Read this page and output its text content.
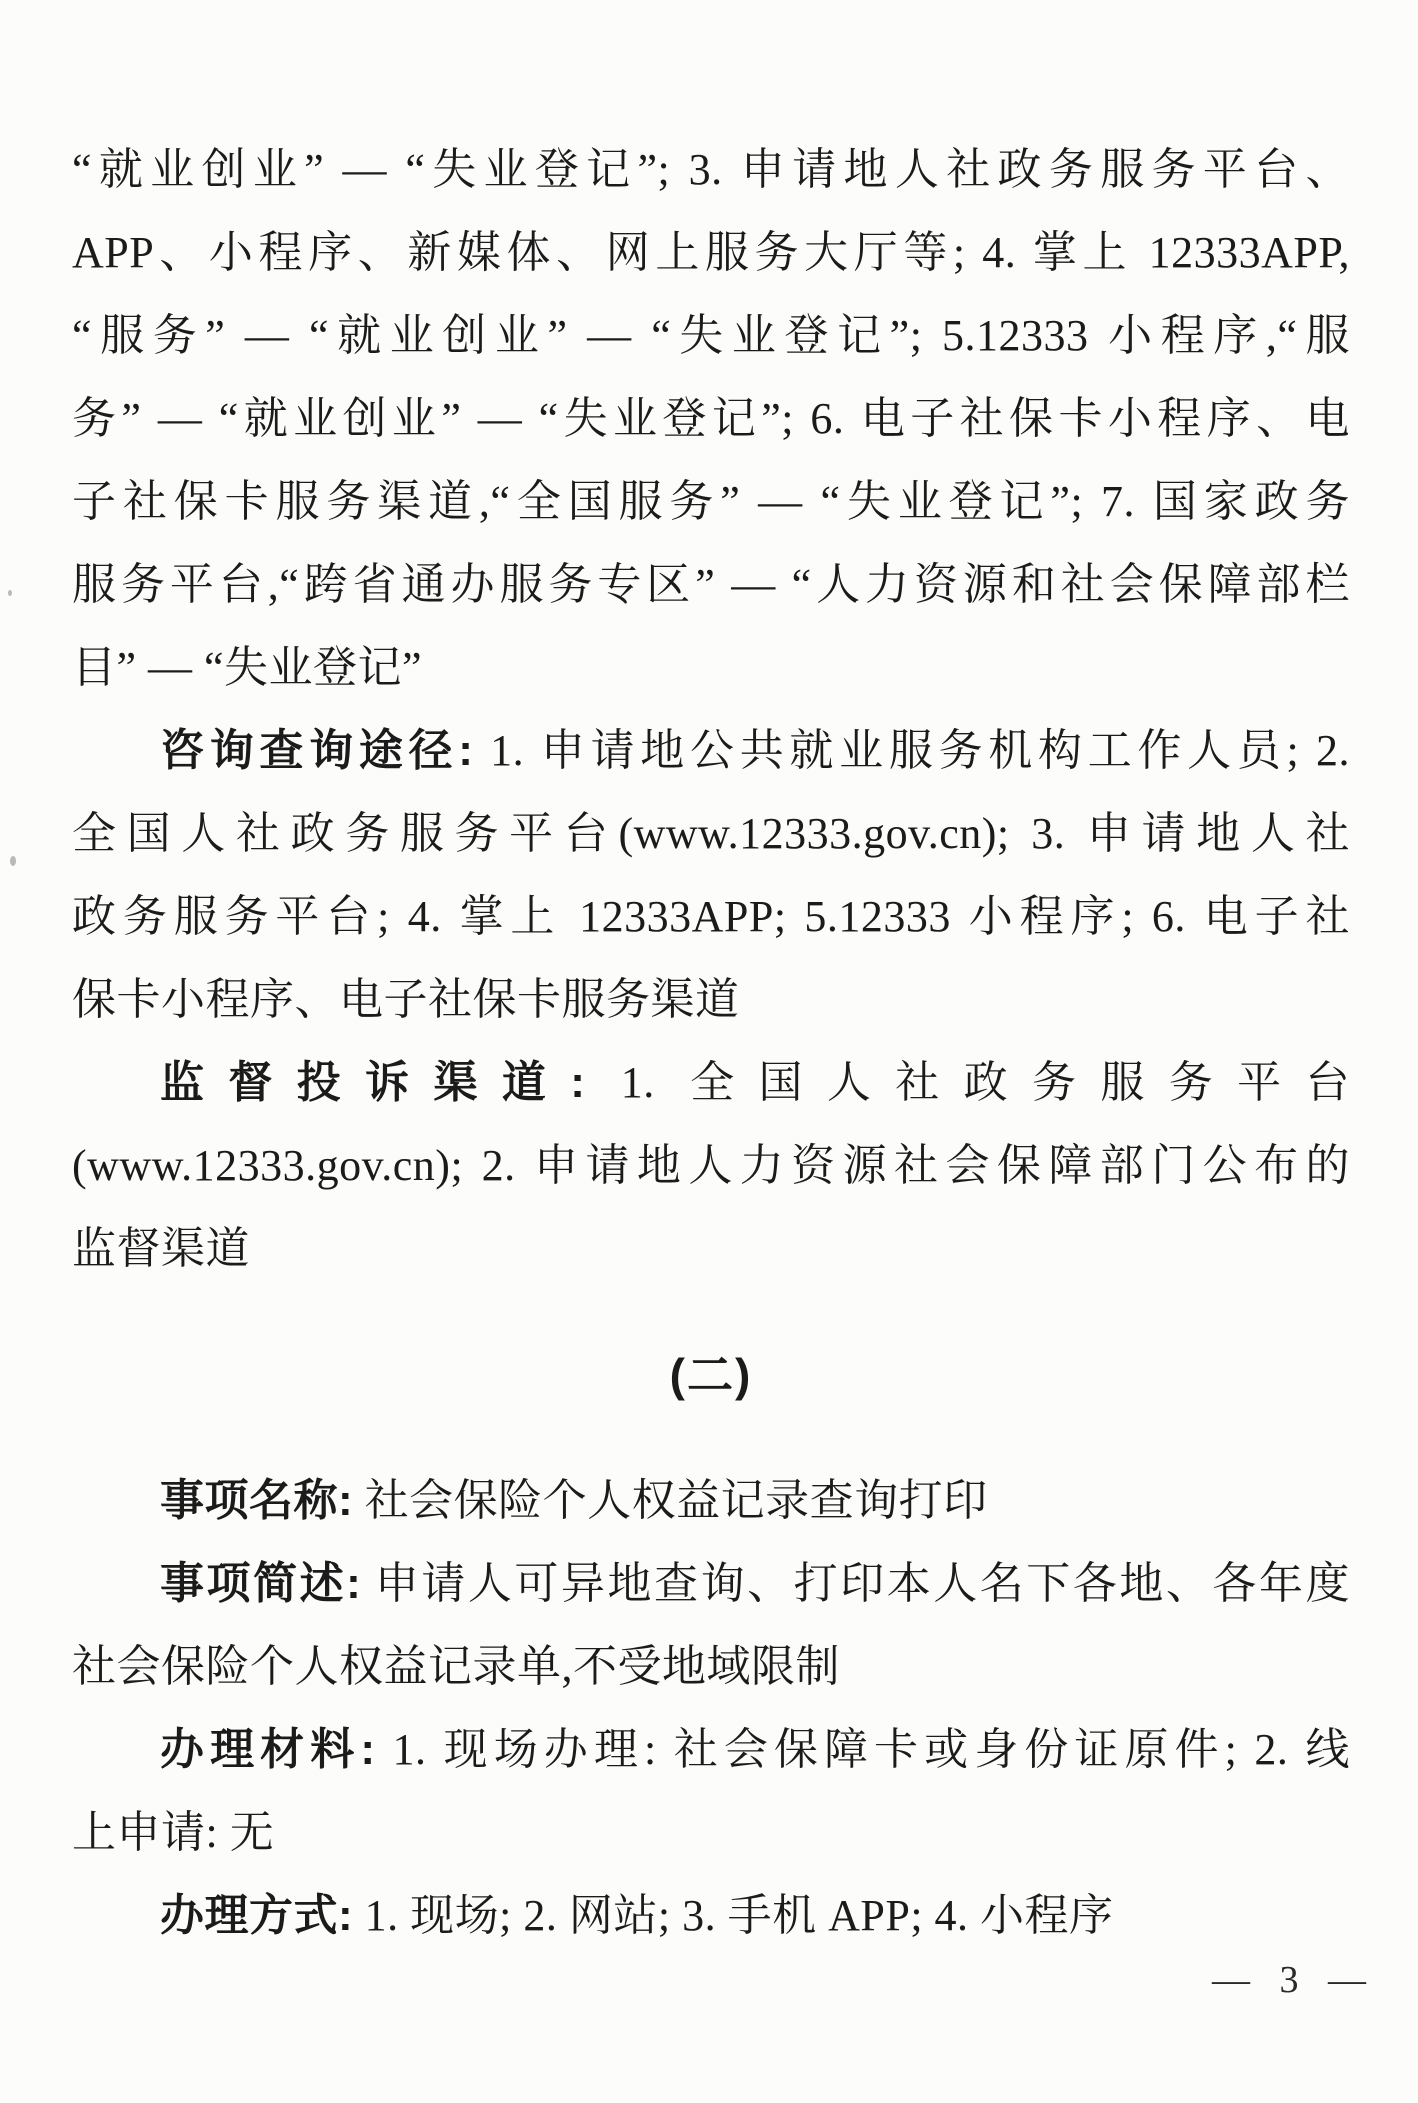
“就业创业” — “失业登记”; 3. 申请地人社政务服务平台、
APP、小程序、新媒体、网上服务大厅等; 4. 掌上 12333APP,
“服务” — “就业创业” — “失业登记”; 5.12333 小程序,“服
务” — “就业创业” — “失业登记”; 6. 电子社保卡小程序、电
子社保卡服务渠道,“全国服务” — “失业登记”; 7. 国家政务
服务平台,“跨省通办服务专区” — “人力资源和社会保障部栏
目” — “失业登记”
咨询查询途径: 1. 申请地公共就业服务机构工作人员; 2.
全国人社政务服务平台(www.12333.gov.cn); 3. 申请地人社
政务服务平台; 4. 掌上 12333APP; 5.12333 小程序; 6. 电子社
保卡小程序、电子社保卡服务渠道
监督投诉渠道: 1. 全国人社政务服务平台
(www.12333.gov.cn); 2. 申请地人力资源社会保障部门公布的
监督渠道
(二)
事项名称: 社会保险个人权益记录查询打印
事项简述: 申请人可异地查询、打印本人名下各地、各年度
社会保险个人权益记录单,不受地域限制
办理材料: 1. 现场办理: 社会保障卡或身份证原件; 2. 线
上申请: 无
办理方式: 1. 现场; 2. 网站; 3. 手机 APP; 4. 小程序
— 3 —
